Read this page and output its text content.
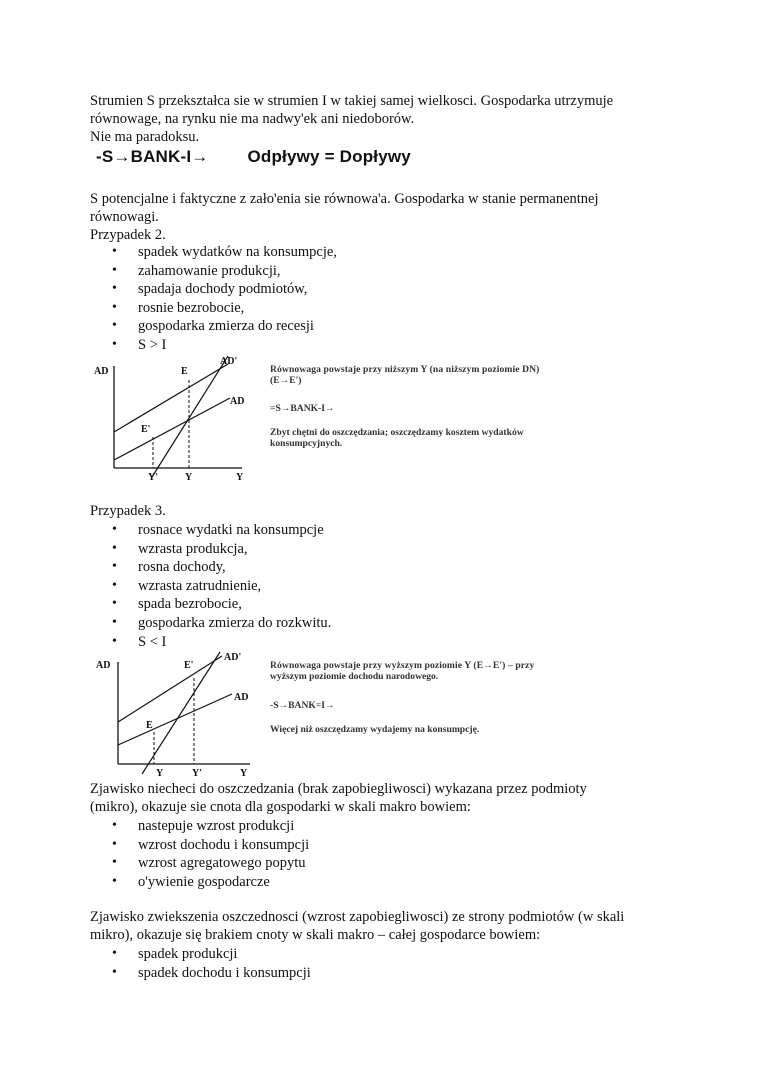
Strumien S przekształca sie w strumien I w takiej samej wielkosci. Gospodarka utrzymuje
równowage, na rynku nie ma nadwy'ek ani niedoborów.
Nie ma paradoksu.
-S→BANK-I→ Odpływy = Dopływy
S potencjalne i faktyczne z zało'enia sie równowa'a. Gospodarka w stanie permanentnej
równowagi.
Przypadek 2.
• spadek wydatków na konsumpcje,
• zahamowanie produkcji,
• spadaja dochody podmiotów,
• rosnie bezrobocie,
• gospodarka zmierza do recesji
• S > I
AD
AD'
AD
E
E'
Y'	Y	Y
Równowaga powstaje przy niższym Y (na niższym poziomie DN)
(E→E')
=S→BANK-I→
Zbyt chętni do oszczędzania; oszczędzamy kosztem wydatków
konsumpcyjnych.
Przypadek 3.
• rosnace wydatki na konsumpcje
• wzrasta produkcja,
• rosna dochody,
• wzrasta zatrudnienie,
• spada bezrobocie,
• gospodarka zmierza do rozkwitu.
• S < I
AD
AD'
AD
E'
E
Y	Y'	Y
Równowaga powstaje przy wyższym poziomie Y (E→E') – przy
wyższym poziomie dochodu narodowego.
-S→BANK=I→
Więcej niż oszczędzamy wydajemy na konsumpcję.
Zjawisko niecheci do oszczedzania (brak zapobiegliwosci) wykazana przez podmioty
(mikro), okazuje sie cnota dla gospodarki w skali makro bowiem:
• nastepuje wzrost produkcji
• wzrost dochodu i konsumpcji
• wzrost agregatowego popytu
• o'ywienie gospodarcze
Zjawisko zwiekszenia oszczednosci (wzrost zapobiegliwosci) ze strony podmiotów (w skali
mikro), okazuje się brakiem cnoty w skali makro – całej gospodarce bowiem:
• spadek produkcji
• spadek dochodu i konsumpcji
